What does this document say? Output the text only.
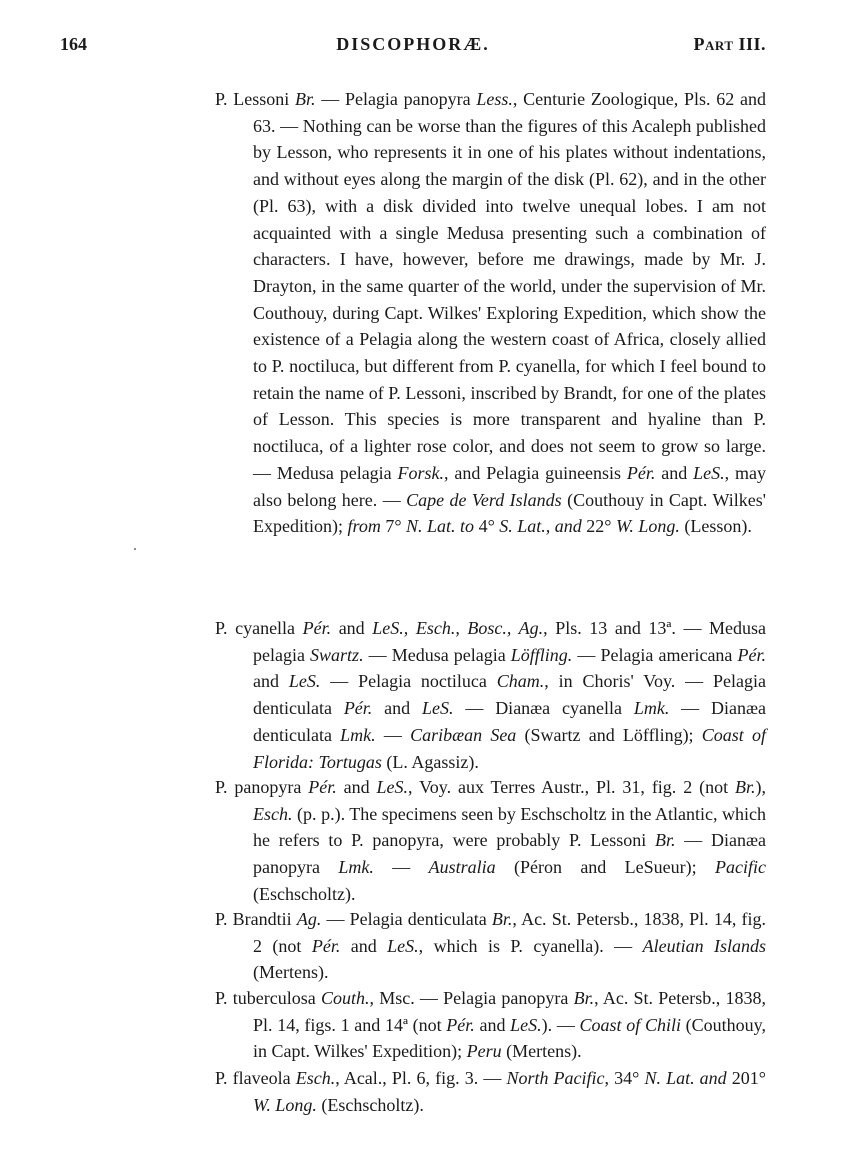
164	DISCOPHORÆ.	Part III.
P. Lessoni Br. — Pelagia panopyra Less., Centurie Zoologique, Pls. 62 and 63. — Nothing can be worse than the figures of this Acaleph published by Lesson, who represents it in one of his plates without indentations, and without eyes along the margin of the disk (Pl. 62), and in the other (Pl. 63), with a disk divided into twelve unequal lobes. I am not acquainted with a single Medusa presenting such a combination of characters. I have, however, before me drawings, made by Mr. J. Drayton, in the same quarter of the world, under the supervision of Mr. Couthouy, during Capt. Wilkes' Exploring Expedition, which show the existence of a Pelagia along the western coast of Africa, closely allied to P. noctiluca, but different from P. cyanella, for which I feel bound to retain the name of P. Lessoni, inscribed by Brandt, for one of the plates of Lesson. This species is more transparent and hyaline than P. noctiluca, of a lighter rose color, and does not seem to grow so large. — Medusa pelagia Forsk., and Pelagia guineensis Pér. and LeS., may also belong here. — Cape de Verd Islands (Couthouy in Capt. Wilkes' Expedition); from 7° N. Lat. to 4° S. Lat., and 22° W. Long. (Lesson).
P. cyanella Pér. and LeS., Esch., Bosc., Ag., Pls. 13 and 13ª. — Medusa pelagia Swartz. — Medusa pelagia Löffling. — Pelagia americana Pér. and LeS. — Pelagia noctiluca Cham., in Choris' Voy. — Pelagia denticulata Pér. and LeS. — Dianæa cyanella Lmk. — Dianæa denticulata Lmk. — Caribæan Sea (Swartz and Löffling); Coast of Florida: Tortugas (L. Agassiz).
P. panopyra Pér. and LeS., Voy. aux Terres Austr., Pl. 31, fig. 2 (not Br.), Esch. (p. p.). The specimens seen by Eschscholtz in the Atlantic, which he refers to P. panopyra, were probably P. Lessoni Br. — Dianæa panopyra Lmk. — Australia (Péron and LeSueur); Pacific (Eschscholtz).
P. Brandtii Ag. — Pelagia denticulata Br., Ac. St. Petersb., 1838, Pl. 14, fig. 2 (not Pér. and LeS., which is P. cyanella). — Aleutian Islands (Mertens).
P. tuberculosa Couth., Msc. — Pelagia panopyra Br., Ac. St. Petersb., 1838, Pl. 14, figs. 1 and 14ª (not Pér. and LeS.). — Coast of Chili (Couthouy, in Capt. Wilkes' Expedition); Peru (Mertens).
P. flaveola Esch., Acal., Pl. 6, fig. 3. — North Pacific, 34° N. Lat. and 201° W. Long. (Eschscholtz).
